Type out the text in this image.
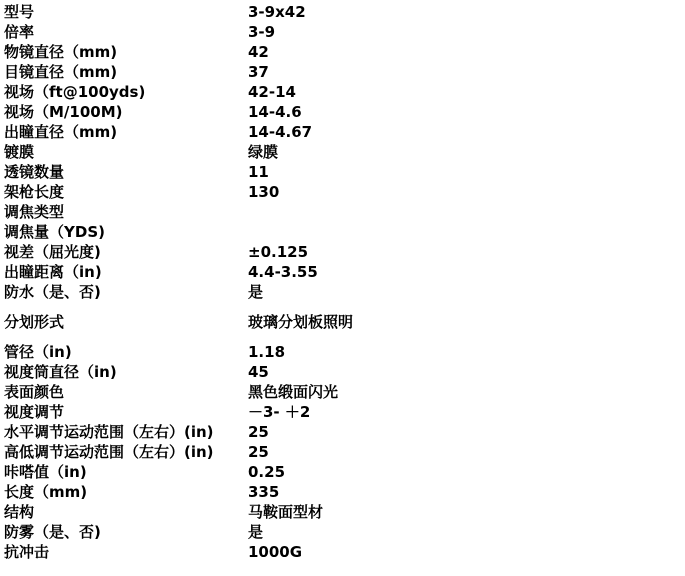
型号	3-9x42
倍率	3-9
物镜直径（mm)	42
目镜直径（mm)	37
视场（ft@100yds)	42-14
视场（M/100M)	14-4.6
出瞳直径（mm)	14-4.67
镀膜	绿膜
透镜数量	11
架枪长度	130
调焦类型	
调焦量（YDS)	
视差（屈光度)	±0.125
出瞳距离（in)	4.4-3.55
防水（是、否)	是
分划形式	玻璃分划板照明
管径（in)	1.18
视度筒直径（in)	45
表面颜色	黑色缎面闪光
视度调节	－3- ＋2
水平调节运动范围（左右）(in)	25
高低调节运动范围（左右）(in)	25
咔嗒值（in)	0.25
长度（mm)	335
结构	马鞍面型材
防雾（是、否)	是
抗冲击	1000G
